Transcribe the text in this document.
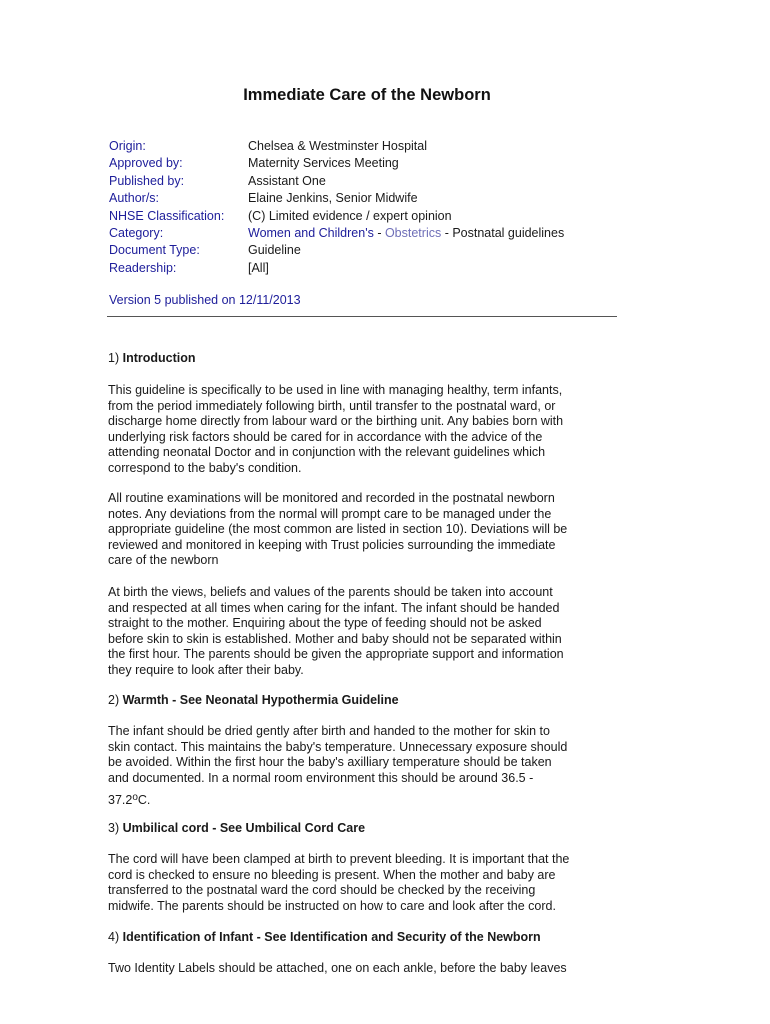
Immediate Care of the Newborn
Origin:	Chelsea & Westminster Hospital
Approved by:	Maternity Services Meeting
Published by:	Assistant One
Author/s:	Elaine Jenkins, Senior Midwife
NHSE Classification:	(C) Limited evidence / expert opinion
Category:	Women and Children's - Obstetrics - Postnatal guidelines
Document Type:	Guideline
Readership:	[All]
Version 5 published on 12/11/2013
1) Introduction
This guideline is specifically to be used in line with managing healthy, term infants,
from the period immediately following birth, until transfer to the postnatal ward, or
discharge home directly from labour ward or the birthing unit. Any babies born with
underlying risk factors should be cared for in accordance with the advice of the
attending neonatal Doctor and in conjunction with the relevant guidelines which
correspond to the baby's condition.
All routine examinations will be monitored and recorded in the postnatal newborn
notes. Any deviations from the normal will prompt care to be managed under the
appropriate guideline (the most common are listed in section 10). Deviations will be
reviewed and monitored in keeping with Trust policies surrounding the immediate
care of the newborn
At birth the views, beliefs and values of the parents should be taken into account
and respected at all times when caring for the infant. The infant should be handed
straight to the mother. Enquiring about the type of feeding should not be asked
before skin to skin is established. Mother and baby should not be separated within
the first hour. The parents should be given the appropriate support and information
they require to look after their baby.
2) Warmth - See Neonatal Hypothermia Guideline
The infant should be dried gently after birth and handed to the mother for skin to
skin contact. This maintains the baby's temperature. Unnecessary exposure should
be avoided. Within the first hour the baby's axilliary temperature should be taken
and documented. In a normal room environment this should be around 36.5 -
37.2$^o$C.
3) Umbilical cord - See Umbilical Cord Care
The cord will have been clamped at birth to prevent bleeding. It is important that the
cord is checked to ensure no bleeding is present. When the mother and baby are
transferred to the postnatal ward the cord should be checked by the receiving
midwife. The parents should be instructed on how to care and look after the cord.
4) Identification of Infant - See Identification and Security of the Newborn
Two Identity Labels should be attached, one on each ankle, before the baby leaves
